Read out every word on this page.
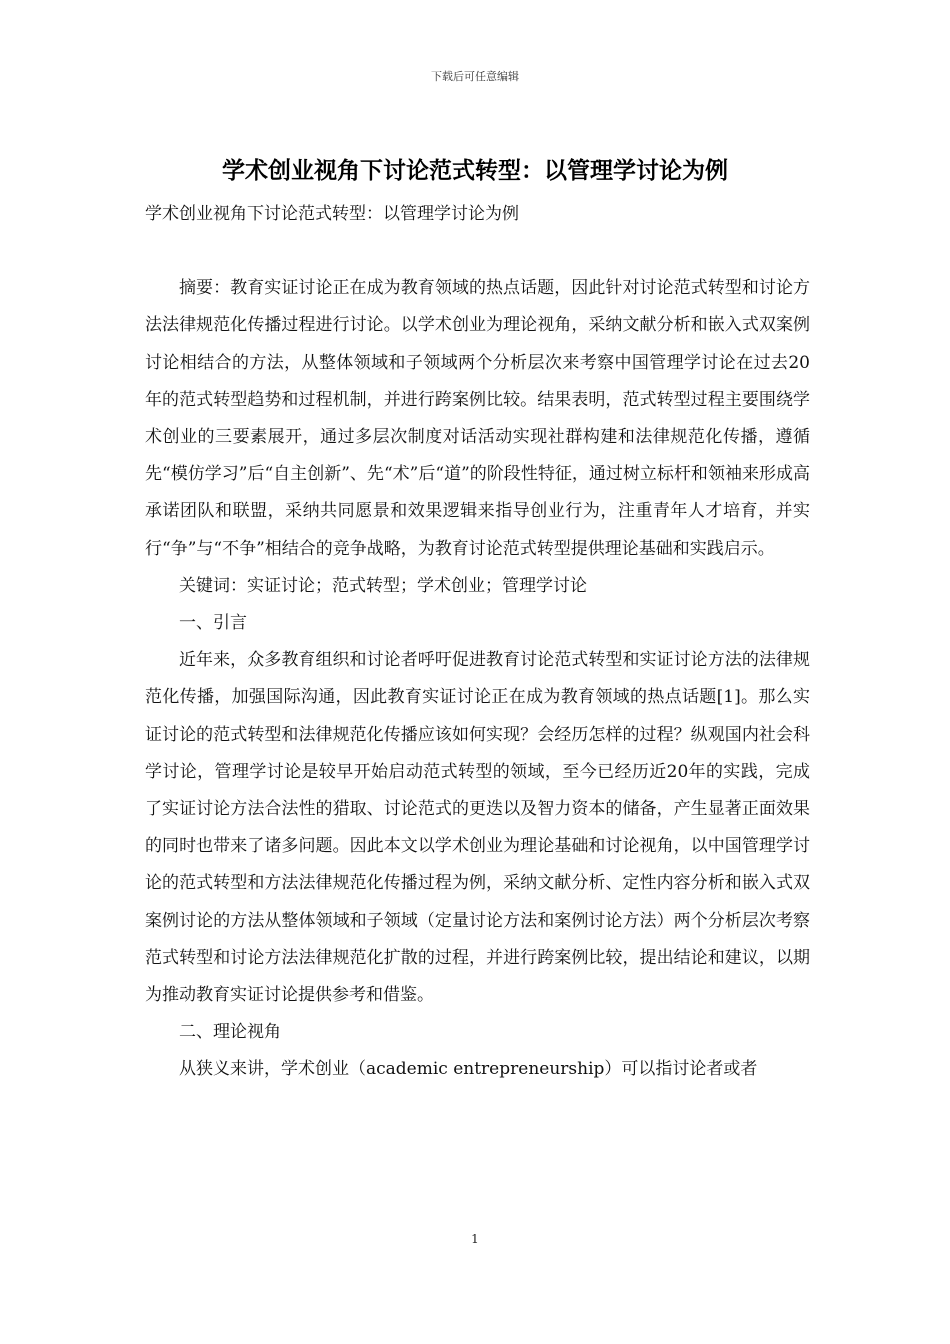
下载后可任意编辑
学术创业视角下讨论范式转型：以管理学讨论为例

学术创业视角下讨论范式转型：以管理学讨论为例

摘要：教育实证讨论正在成为教育领域的热点话题，因此针对讨论范式转型和讨论方法法律规范化传播过程进行讨论。以学术创业为理论视角，采纳文献分析和嵌入式双案例讨论相结合的方法，从整体领域和子领域两个分析层次来考察中国管理学讨论在过去20年的范式转型趋势和过程机制，并进行跨案例比较。结果表明，范式转型过程主要围绕学术创业的三要素展开，通过多层次制度对话活动实现社群构建和法律规范化传播，遵循先“模仿学习”后“自主创新”、先“术”后“道”的阶段性特征，通过树立标杆和领袖来形成高承诺团队和联盟，采纳共同愿景和效果逻辑来指导创业行为，注重青年人才培育，并实行“争”与“不争”相结合的竞争战略，为教育讨论范式转型提供理论基础和实践启示。

关键词：实证讨论；范式转型；学术创业；管理学讨论

一、引言

近年来，众多教育组织和讨论者呼吁促进教育讨论范式转型和实证讨论方法的法律规范化传播，加强国际沟通，因此教育实证讨论正在成为教育领域的热点话题[1]。那么实证讨论的范式转型和法律规范化传播应该如何实现？会经历怎样的过程？纵观国内社会科学讨论，管理学讨论是较早开始启动范式转型的领域，至今已经历近20年的实践，完成了实证讨论方法合法性的猎取、讨论范式的更迭以及智力资本的储备，产生显著正面效果的同时也带来了诸多问题。因此本文以学术创业为理论基础和讨论视角，以中国管理学讨论的范式转型和方法法律规范化传播过程为例，采纳文献分析、定性内容分析和嵌入式双案例讨论的方法从整体领域和子领域（定量讨论方法和案例讨论方法）两个分析层次考察范式转型和讨论方法法律规范化扩散的过程，并进行跨案例比较，提出结论和建议，以期为推动教育实证讨论提供参考和借鉴。

二、理论视角

从狭义来讲，学术创业（academic entrepreneurship）可以指讨论者或者

1
